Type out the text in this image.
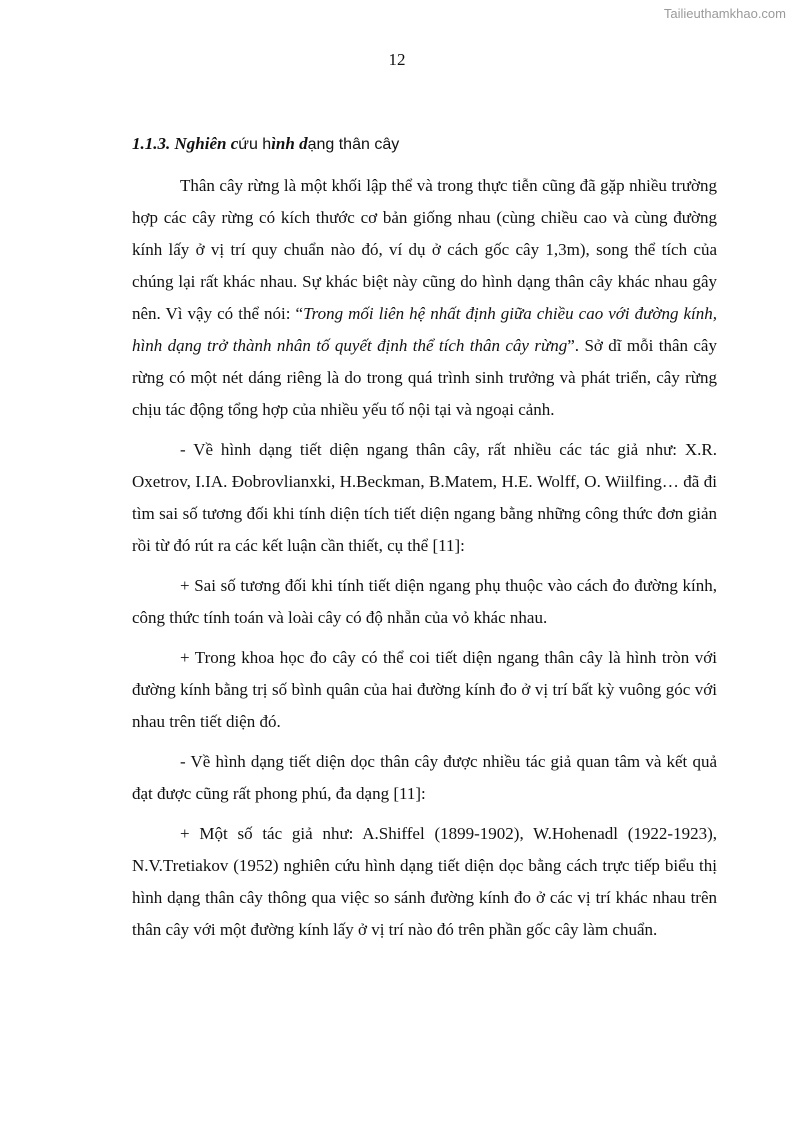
Tailieuthamkhao.com
12
1.1.3. Nghiên cứu hình dạng thân cây

Thân cây rừng là một khối lập thể và trong thực tiễn cũng đã gặp nhiều trường hợp các cây rừng có kích thước cơ bản giống nhau (cùng chiều cao và cùng đường kính lấy ở vị trí quy chuẩn nào đó, ví dụ ở cách gốc cây 1,3m), song thể tích của chúng lại rất khác nhau. Sự khác biệt này cũng do hình dạng thân cây khác nhau gây nên. Vì vậy có thể nói: “Trong mối liên hệ nhất định giữa chiều cao với đường kính, hình dạng trở thành nhân tố quyết định thể tích thân cây rừng”. Sở dĩ mỗi thân cây rừng có một nét dáng riêng là do trong quá trình sinh trưởng và phát triển, cây rừng chịu tác động tổng hợp của nhiều yếu tố nội tại và ngoại cảnh.

- Về hình dạng tiết diện ngang thân cây, rất nhiều các tác giả như: X.R. Oxetrov, I.IA. Đobrovlianxki, H.Beckman, B.Matem, H.E. Wolff, O. Wiilfing… đã đi tìm sai số tương đối khi tính diện tích tiết diện ngang bằng những công thức đơn giản rồi từ đó rút ra các kết luận cần thiết, cụ thể [11]:

+ Sai số tương đối khi tính tiết diện ngang phụ thuộc vào cách đo đường kính, công thức tính toán và loài cây có độ nhẵn của vỏ khác nhau.

+ Trong khoa học đo cây có thể coi tiết diện ngang thân cây là hình tròn với đường kính bằng trị số bình quân của hai đường kính đo ở vị trí bất kỳ vuông góc với nhau trên tiết diện đó.

- Về hình dạng tiết diện dọc thân cây được nhiều tác giả quan tâm và kết quả đạt được cũng rất phong phú, đa dạng [11]:

+ Một số tác giả như: A.Shiffel (1899-1902), W.Hohenadl (1922-1923), N.V.Tretiakov (1952) nghiên cứu hình dạng tiết diện dọc bằng cách trực tiếp biểu thị hình dạng thân cây thông qua việc so sánh đường kính đo ở các vị trí khác nhau trên thân cây với một đường kính lấy ở vị trí nào đó trên phần gốc cây làm chuẩn.
